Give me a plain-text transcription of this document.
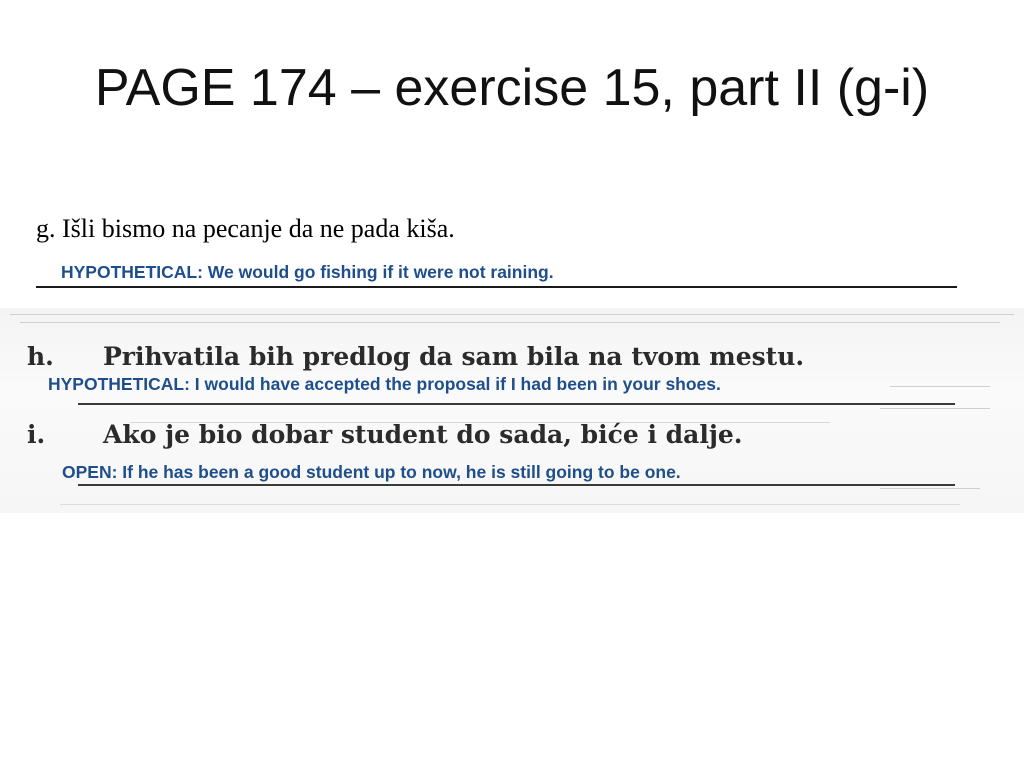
PAGE 174 – exercise 15, part II (g-i)
g. Išli bismo na pecanje da ne pada kiša.
HYPOTHETICAL: We would go fishing if it were not raining.
h. Prihvatila bih predlog da sam bila na tvom mestu.
i. Ako je bio dobar student do sada, biće i dalje.
HYPOTHETICAL: I would have accepted the proposal if I had been in your shoes.
OPEN: If he has been a good student up to now, he is still going to be one.
